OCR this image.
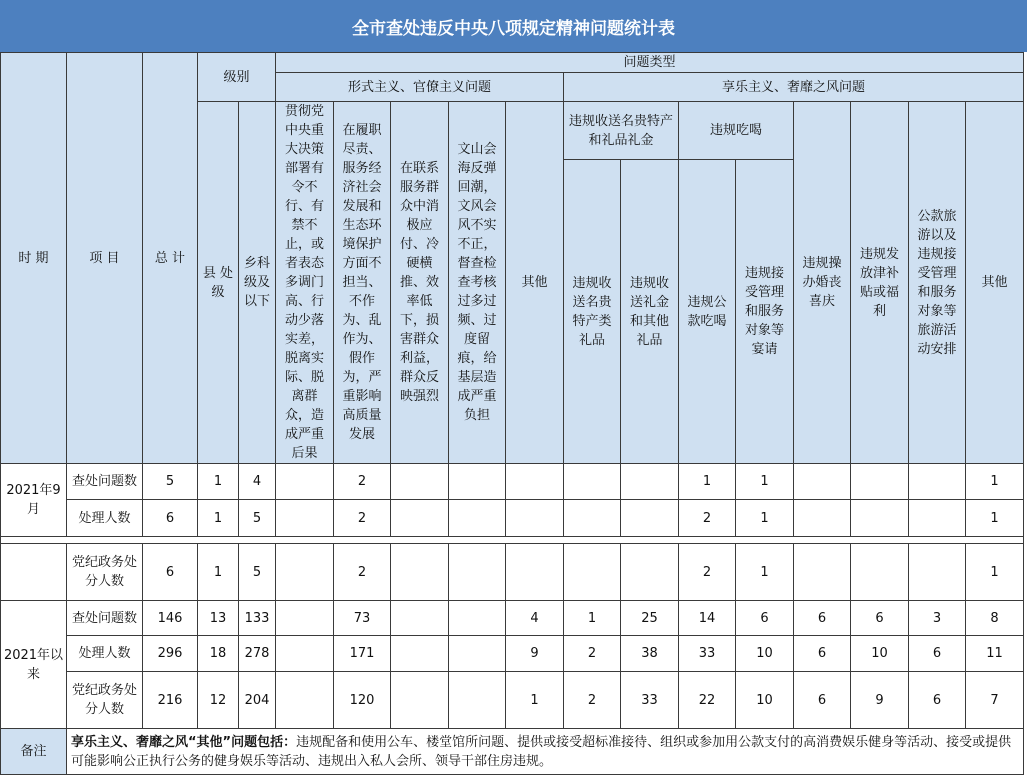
全市查处违反中央八项规定精神问题统计表
时 期	项 目	总 计	级别		问题类型												
					形式主义、官僚主义问题					享乐主义、奢靡之风问题							
			县 处级	乡科级及以下	贯彻党中央重大决策部署有令不行、有禁不止，或者表态多调门高、行动少落实差，脱离实际、脱离群众，造成严重后果	在履职尽责、服务经济社会发展和生态环境保护方面不担当、不作为、乱作为、假作为，严重影响高质量发展	在联系服务群众中消极应付、冷硬横推、效率低下，损害群众利益，群众反映强烈	文山会海反弹回潮，文风会风不实不正，督查检查考核过多过频、过度留痕，给基层造成严重负担	其他	违规收送名贵特产和礼品礼金		违规吃喝		违规操办婚丧喜庆	违规发放津补贴或福利	公款旅游以及违规接受管理和服务对象等旅游活动安排	其他
										违规收送名贵特产类礼品	违规收送礼金和其他礼品	违规公款吃喝	违规接受管理和服务对象等宴请				

2021年9月	查处问题数	5	1	4		2						1	1				1
	处理人数	6	1	5		2						2	1				1

	党纪政务处分人数	6	1	5		2						2	1				1
2021年以来	查处问题数	146	13	133		73			4	1	25	14	6	6	6	3	8
	处理人数	296	18	278		171			9	2	38	33	10	6	10	6	11
	党纪政务处分人数	216	12	204		120			1	2	33	22	10	6	9	6	7
备注	享乐主义、奢靡之风“其他”问题包括：违规配备和使用公车、楼堂馆所问题、提供或接受超标准接待、组织或参加用公款支付的高消费娱乐健身等活动、接受或提供可能影响公正执行公务的健身娱乐等活动、违规出入私人会所、领导干部住房违规。																
